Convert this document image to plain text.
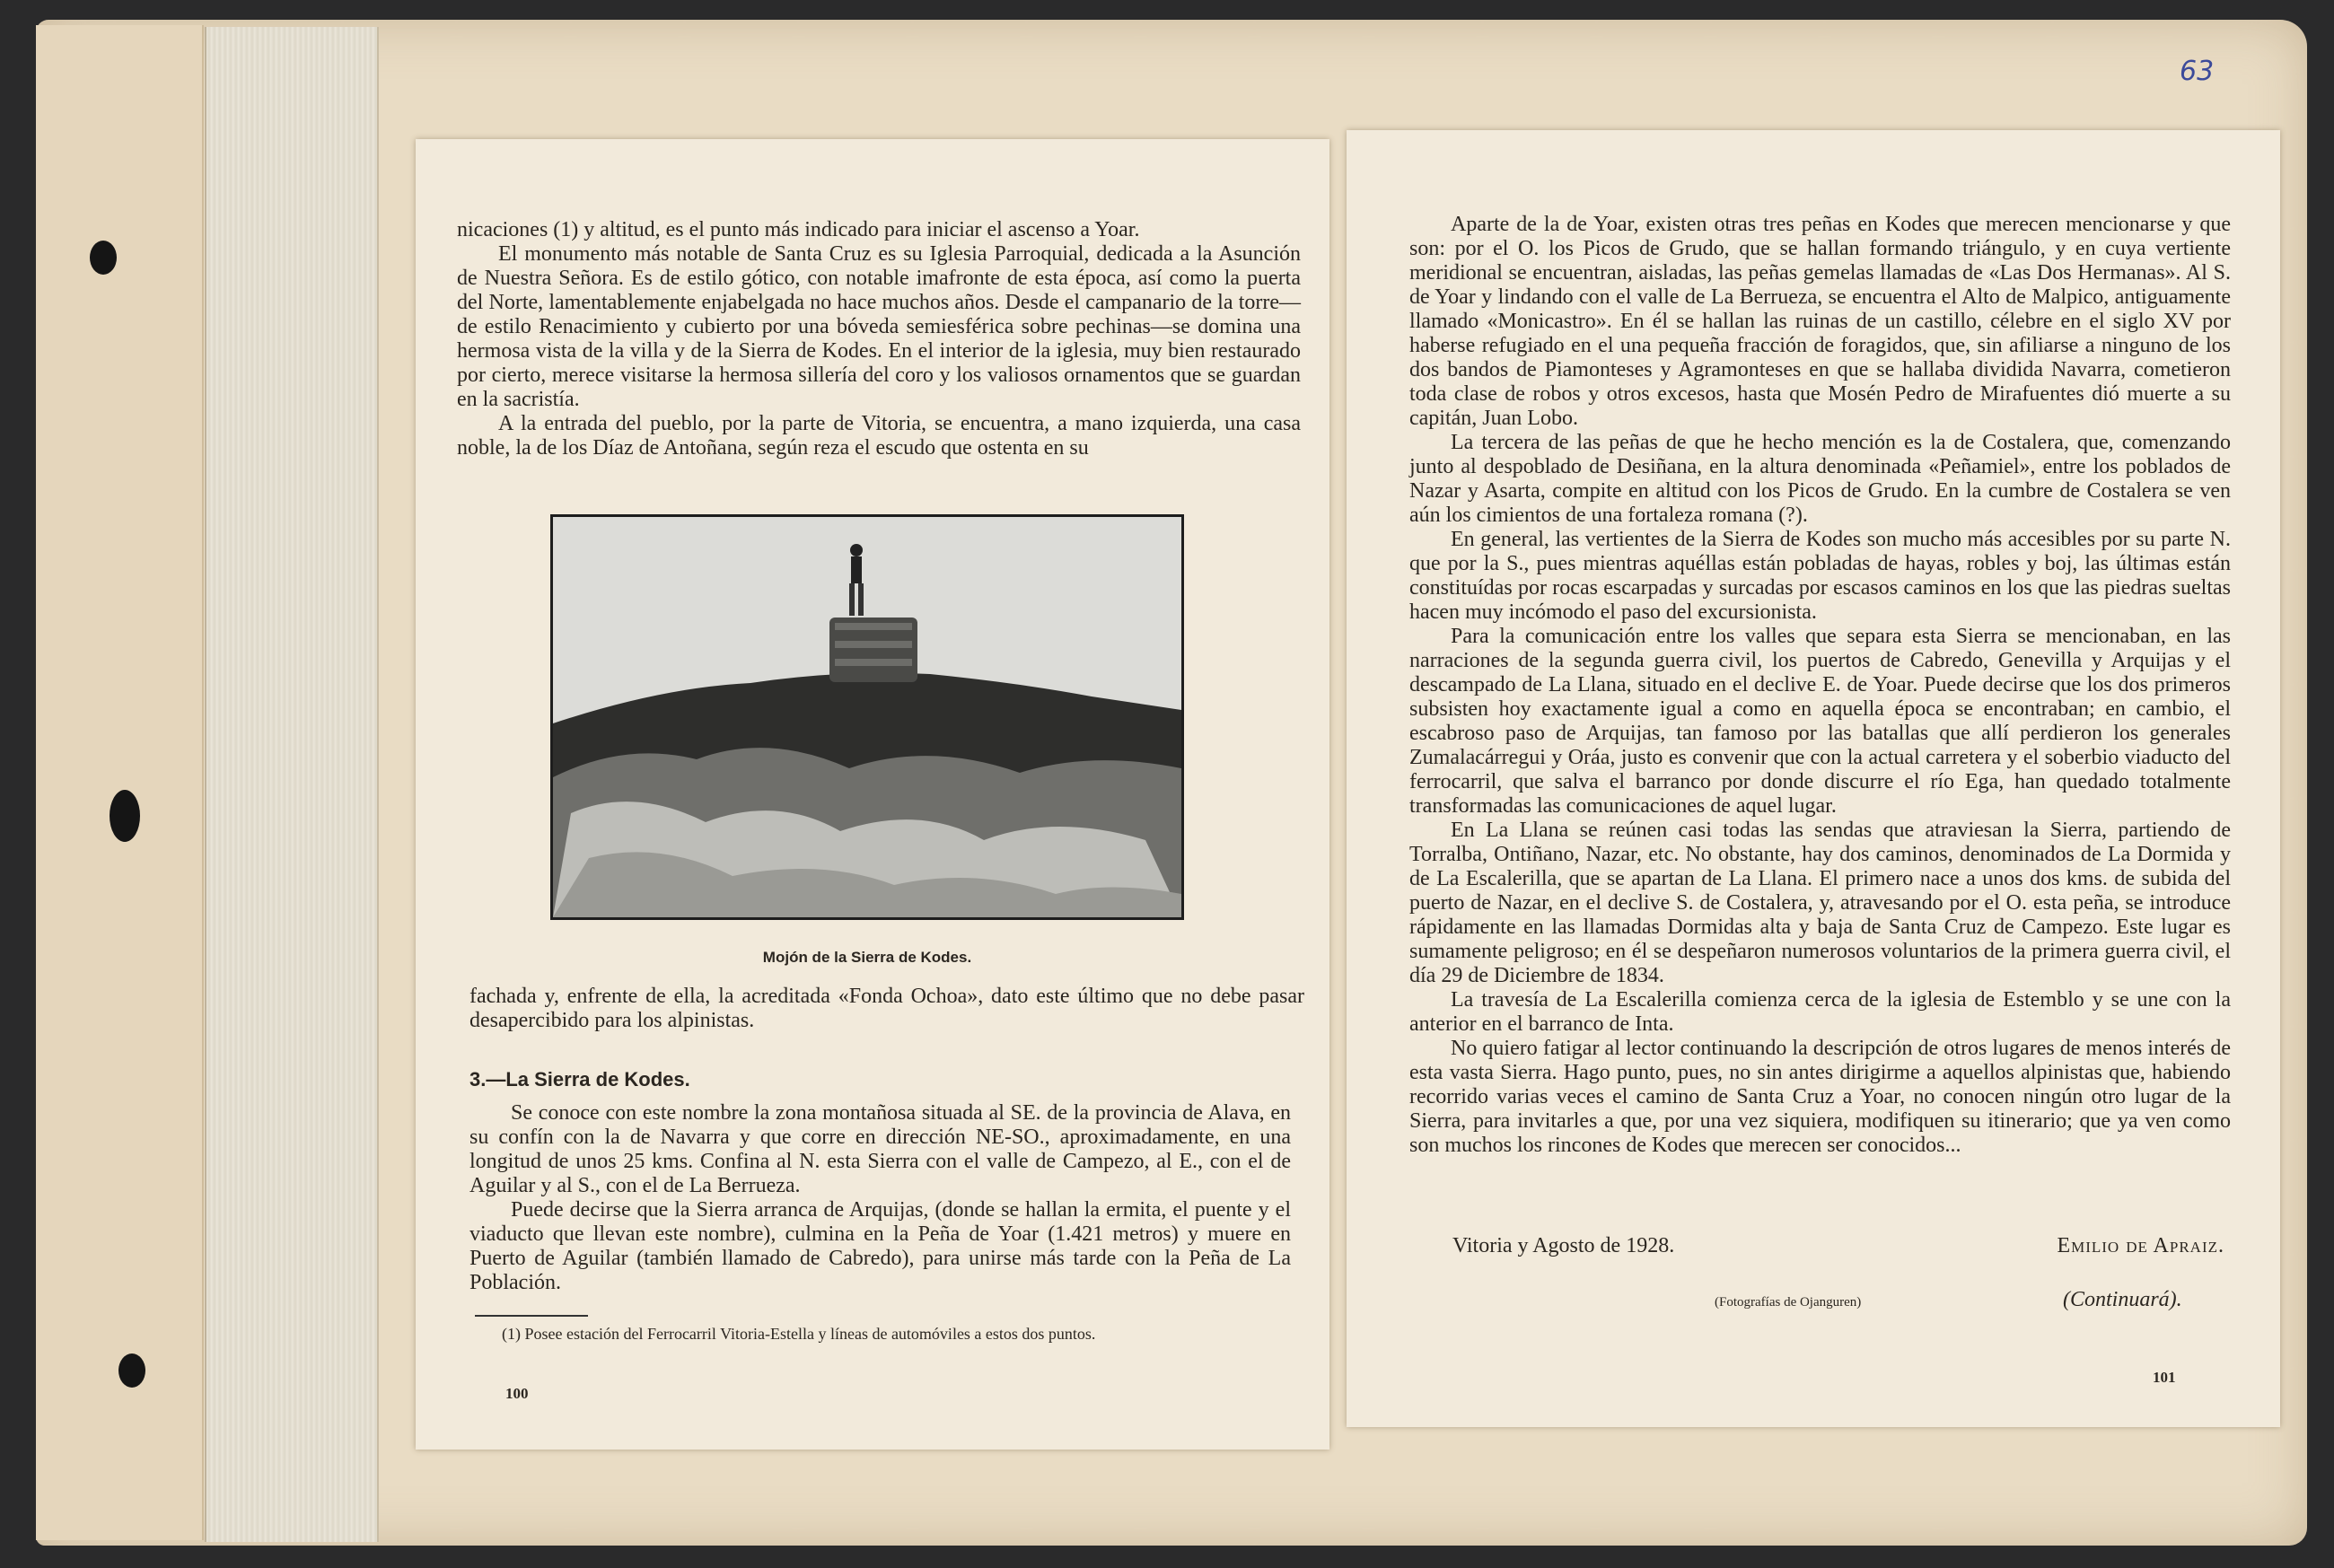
63

nicaciones (1) y altitud, es el punto más indicado para iniciar el ascenso a Yoar.

El monumento más notable de Santa Cruz es su Iglesia Parroquial, dedicada a la Asunción de Nuestra Señora. Es de estilo gótico, con notable imafronte de esta época, así como la puerta del Norte, lamentablemente enjabelgada no hace muchos años. Desde el campanario de la torre—de estilo Renacimiento y cubierto por una bóveda semiesférica sobre pechinas—se domina una hermosa vista de la villa y de la Sierra de Kodes. En el interior de la iglesia, muy bien restaurado por cierto, merece visitarse la hermosa sillería del coro y los valiosos ornamentos que se guardan en la sacristía.

A la entrada del pueblo, por la parte de Vitoria, se encuentra, a mano izquierda, una casa noble, la de los Díaz de Antoñana, según reza el escudo que ostenta en su

Mojón de la Sierra de Kodes.

fachada y, enfrente de ella, la acreditada «Fonda Ochoa», dato este último que no debe pasar desapercibido para los alpinistas.

3.—La Sierra de Kodes.

Se conoce con este nombre la zona montañosa situada al SE. de la provincia de Alava, en su confín con la de Navarra y que corre en dirección NE-SO., aproximadamente, en una longitud de unos 25 kms. Confina al N. esta Sierra con el valle de Campezo, al E., con el de Aguilar y al S., con el de La Berrueza.

Puede decirse que la Sierra arranca de Arquijas, (donde se hallan la ermita, el puente y el viaducto que llevan este nombre), culmina en la Peña de Yoar (1.421 metros) y muere en Puerto de Aguilar (también llamado de Cabredo), para unirse más tarde con la Peña de La Población.

(1) Posee estación del Ferrocarril Vitoria-Estella y líneas de automóviles a estos dos puntos.
100

Aparte de la de Yoar, existen otras tres peñas en Kodes que merecen mencionarse y que son: por el O. los Picos de Grudo, que se hallan formando triángulo, y en cuya vertiente meridional se encuentran, aisladas, las peñas gemelas llamadas de «Las Dos Hermanas». Al S. de Yoar y lindando con el valle de La Berrueza, se encuentra el Alto de Malpico, antiguamente llamado «Monicastro». En él se hallan las ruinas de un castillo, célebre en el siglo XV por haberse refugiado en el una pequeña fracción de foragidos, que, sin afiliarse a ninguno de los dos bandos de Piamonteses y Agramonteses en que se hallaba dividida Navarra, cometieron toda clase de robos y otros excesos, hasta que Mosén Pedro de Mirafuentes dió muerte a su capitán, Juan Lobo.

La tercera de las peñas de que he hecho mención es la de Costalera, que, comenzando junto al despoblado de Desiñana, en la altura denominada «Peñamiel», entre los poblados de Nazar y Asarta, compite en altitud con los Picos de Grudo. En la cumbre de Costalera se ven aún los cimientos de una fortaleza romana (?).

En general, las vertientes de la Sierra de Kodes son mucho más accesibles por su parte N. que por la S., pues mientras aquéllas están pobladas de hayas, robles y boj, las últimas están constituídas por rocas escarpadas y surcadas por escasos caminos en los que las piedras sueltas hacen muy incómodo el paso del excursionista.

Para la comunicación entre los valles que separa esta Sierra se mencionaban, en las narraciones de la segunda guerra civil, los puertos de Cabredo, Genevilla y Arquijas y el descampado de La Llana, situado en el declive E. de Yoar. Puede decirse que los dos primeros subsisten hoy exactamente igual a como en aquella época se encontraban; en cambio, el escabroso paso de Arquijas, tan famoso por las batallas que allí perdieron los generales Zumalacárregui y Oráa, justo es convenir que con la actual carretera y el soberbio viaducto del ferrocarril, que salva el barranco por donde discurre el río Ega, han quedado totalmente transformadas las comunicaciones de aquel lugar.

En La Llana se reúnen casi todas las sendas que atraviesan la Sierra, partiendo de Torralba, Ontiñano, Nazar, etc. No obstante, hay dos caminos, denominados de La Dormida y de La Escalerilla, que se apartan de La Llana. El primero nace a unos dos kms. de subida del puerto de Nazar, en el declive S. de Costalera, y, atravesando por el O. esta peña, se introduce rápidamente en las llamadas Dormidas alta y baja de Santa Cruz de Campezo. Este lugar es sumamente peligroso; en él se despeñaron numerosos voluntarios de la primera guerra civil, el día 29 de Diciembre de 1834.

La travesía de La Escalerilla comienza cerca de la iglesia de Estemblo y se une con la anterior en el barranco de Inta.

No quiero fatigar al lector continuando la descripción de otros lugares de menos interés de esta vasta Sierra. Hago punto, pues, no sin antes dirigirme a aquellos alpinistas que, habiendo recorrido varias veces el camino de Santa Cruz a Yoar, no conocen ningún otro lugar de la Sierra, para invitarles a que, por una vez siquiera, modifiquen su itinerario; que ya ven como son muchos los rincones de Kodes que merecen ser conocidos...

Vitoria y Agosto de 1928.	Emilio de Apraiz.
(Fotografías de Ojanguren)	(Continuará).
101
